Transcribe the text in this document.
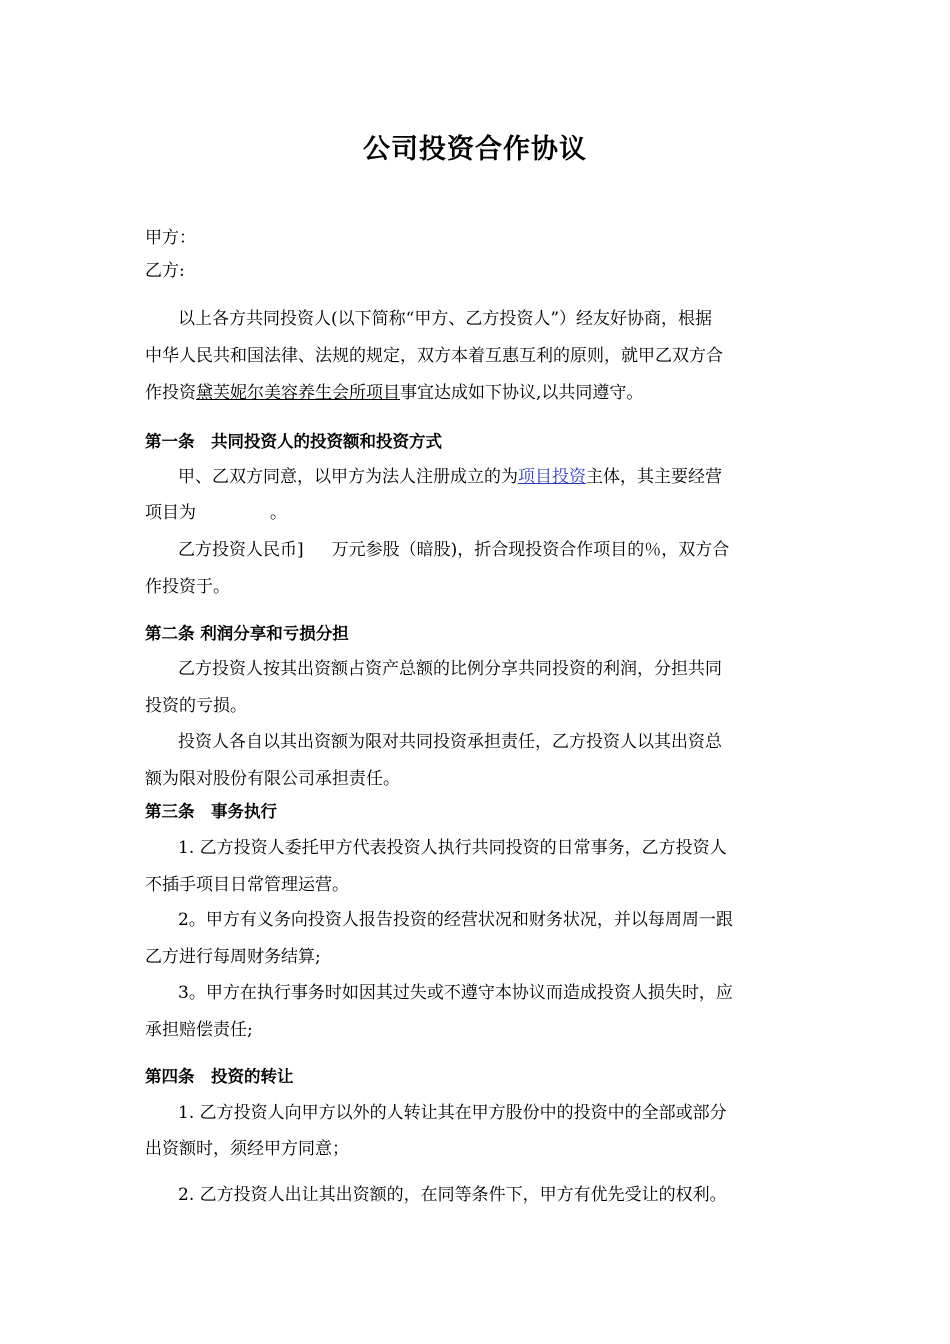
公司投资合作协议
甲方：
乙方:
以上各方共同投资人(以下简称“甲方、乙方投资人”）经友好协商，根据
中华人民共和国法律、法规的规定，双方本着互惠互利的原则，就甲乙双方合
作投资黛芙妮尔美容养生会所项目事宜达成如下协议,以共同遵守。
第一条　共同投资人的投资额和投资方式
甲、乙双方同意，以甲方为法人注册成立的为项目投资主体，其主要经营
项目为	。
乙方投资人民币] 万元参股（暗股)，折合现投资合作项目的％，双方合
作投资于。
第二条 利润分享和亏损分担
乙方投资人按其出资额占资产总额的比例分享共同投资的利润，分担共同
投资的亏损。
投资人各自以其出资额为限对共同投资承担责任，乙方投资人以其出资总
额为限对股份有限公司承担责任。
第三条　事务执行
1. 乙方投资人委托甲方代表投资人执行共同投资的日常事务，乙方投资人
不插手项目日常管理运营。
2。甲方有义务向投资人报告投资的经营状况和财务状况，并以每周周一跟
乙方进行每周财务结算;
3。甲方在执行事务时如因其过失或不遵守本协议而造成投资人损失时，应
承担赔偿责任;
第四条　投资的转让
1. 乙方投资人向甲方以外的人转让其在甲方股份中的投资中的全部或部分
出资额时，须经甲方同意；
2. 乙方投资人出让其出资额的，在同等条件下，甲方有优先受让的权利。
